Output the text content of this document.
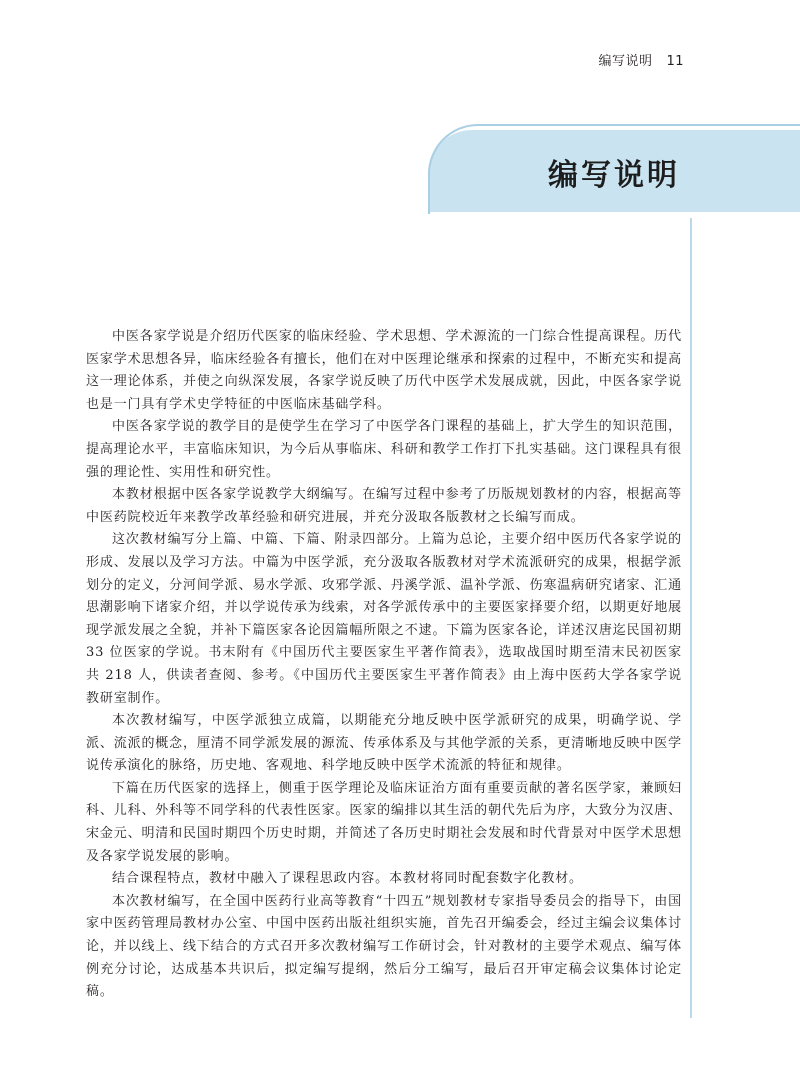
编写说明 11
编写说明

中医各家学说是介绍历代医家的临床经验、学术思想、学术源流的一门综合性提高课程。历代医家学术思想各异，临床经验各有擅长，他们在对中医理论继承和探索的过程中，不断充实和提高这一理论体系，并使之向纵深发展，各家学说反映了历代中医学术发展成就，因此，中医各家学说也是一门具有学术史学特征的中医临床基础学科。

中医各家学说的教学目的是使学生在学习了中医学各门课程的基础上，扩大学生的知识范围，提高理论水平，丰富临床知识，为今后从事临床、科研和教学工作打下扎实基础。这门课程具有很强的理论性、实用性和研究性。

本教材根据中医各家学说教学大纲编写。在编写过程中参考了历版规划教材的内容，根据高等中医药院校近年来教学改革经验和研究进展，并充分汲取各版教材之长编写而成。

这次教材编写分上篇、中篇、下篇、附录四部分。上篇为总论，主要介绍中医历代各家学说的形成、发展以及学习方法。中篇为中医学派，充分汲取各版教材对学术流派研究的成果，根据学派划分的定义，分河间学派、易水学派、攻邪学派、丹溪学派、温补学派、伤寒温病研究诸家、汇通思潮影响下诸家介绍，并以学说传承为线索，对各学派传承中的主要医家择要介绍，以期更好地展现学派发展之全貌，并补下篇医家各论因篇幅所限之不逮。下篇为医家各论，详述汉唐迄民国初期 33 位医家的学说。书末附有《中国历代主要医家生平著作简表》，选取战国时期至清末民初医家共 218 人，供读者查阅、参考。《中国历代主要医家生平著作简表》由上海中医药大学各家学说教研室制作。

本次教材编写，中医学派独立成篇，以期能充分地反映中医学派研究的成果，明确学说、学派、流派的概念，厘清不同学派发展的源流、传承体系及与其他学派的关系，更清晰地反映中医学说传承演化的脉络，历史地、客观地、科学地反映中医学术流派的特征和规律。

下篇在历代医家的选择上，侧重于医学理论及临床证治方面有重要贡献的著名医学家，兼顾妇科、儿科、外科等不同学科的代表性医家。医家的编排以其生活的朝代先后为序，大致分为汉唐、宋金元、明清和民国时期四个历史时期，并简述了各历史时期社会发展和时代背景对中医学术思想及各家学说发展的影响。

结合课程特点，教材中融入了课程思政内容。本教材将同时配套数字化教材。

本次教材编写，在全国中医药行业高等教育“十四五”规划教材专家指导委员会的指导下，由国家中医药管理局教材办公室、中国中医药出版社组织实施，首先召开编委会，经过主编会议集体讨论，并以线上、线下结合的方式召开多次教材编写工作研讨会，针对教材的主要学术观点、编写体例充分讨论，达成基本共识后，拟定编写提纲，然后分工编写，最后召开审定稿会议集体讨论定稿。
